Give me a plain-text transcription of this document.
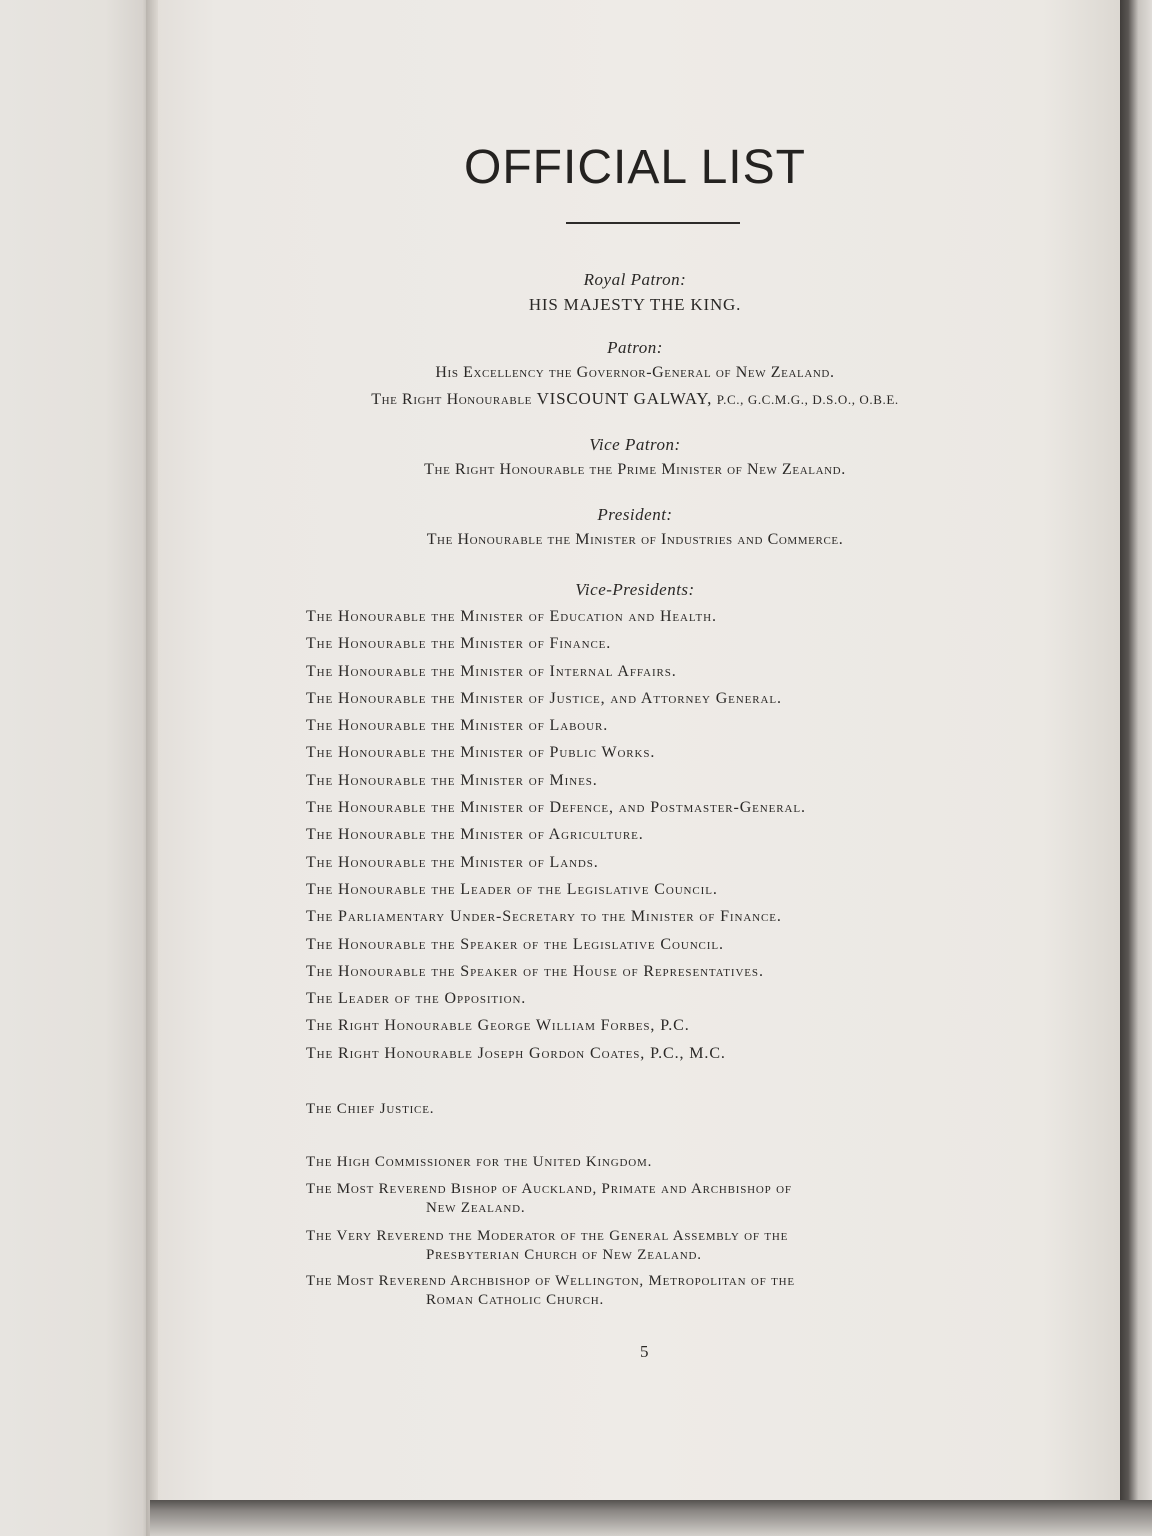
OFFICIAL LIST
Royal Patron:
HIS MAJESTY THE KING.
Patron:
His Excellency the Governor-General of New Zealand.
The Right Honourable VISCOUNT GALWAY, P.C., G.C.M.G., D.S.O., O.B.E.
Vice Patron:
The Right Honourable the Prime Minister of New Zealand.
President:
The Honourable the Minister of Industries and Commerce.
Vice-Presidents:
The Honourable the Minister of Education and Health.
The Honourable the Minister of Finance.
The Honourable the Minister of Internal Affairs.
The Honourable the Minister of Justice, and Attorney General.
The Honourable the Minister of Labour.
The Honourable the Minister of Public Works.
The Honourable the Minister of Mines.
The Honourable the Minister of Defence, and Postmaster-General.
The Honourable the Minister of Agriculture.
The Honourable the Minister of Lands.
The Honourable the Leader of the Legislative Council.
The Parliamentary Under-Secretary to the Minister of Finance.
The Honourable the Speaker of the Legislative Council.
The Honourable the Speaker of the House of Representatives.
The Leader of the Opposition.
The Right Honourable George William Forbes, P.C.
The Right Honourable Joseph Gordon Coates, P.C., M.C.
The Chief Justice.
The High Commissioner for the United Kingdom.
The Most Reverend Bishop of Auckland, Primate and Archbishop of
New Zealand.
The Very Reverend the Moderator of the General Assembly of the
Presbyterian Church of New Zealand.
The Most Reverend Archbishop of Wellington, Metropolitan of the
Roman Catholic Church.
5
